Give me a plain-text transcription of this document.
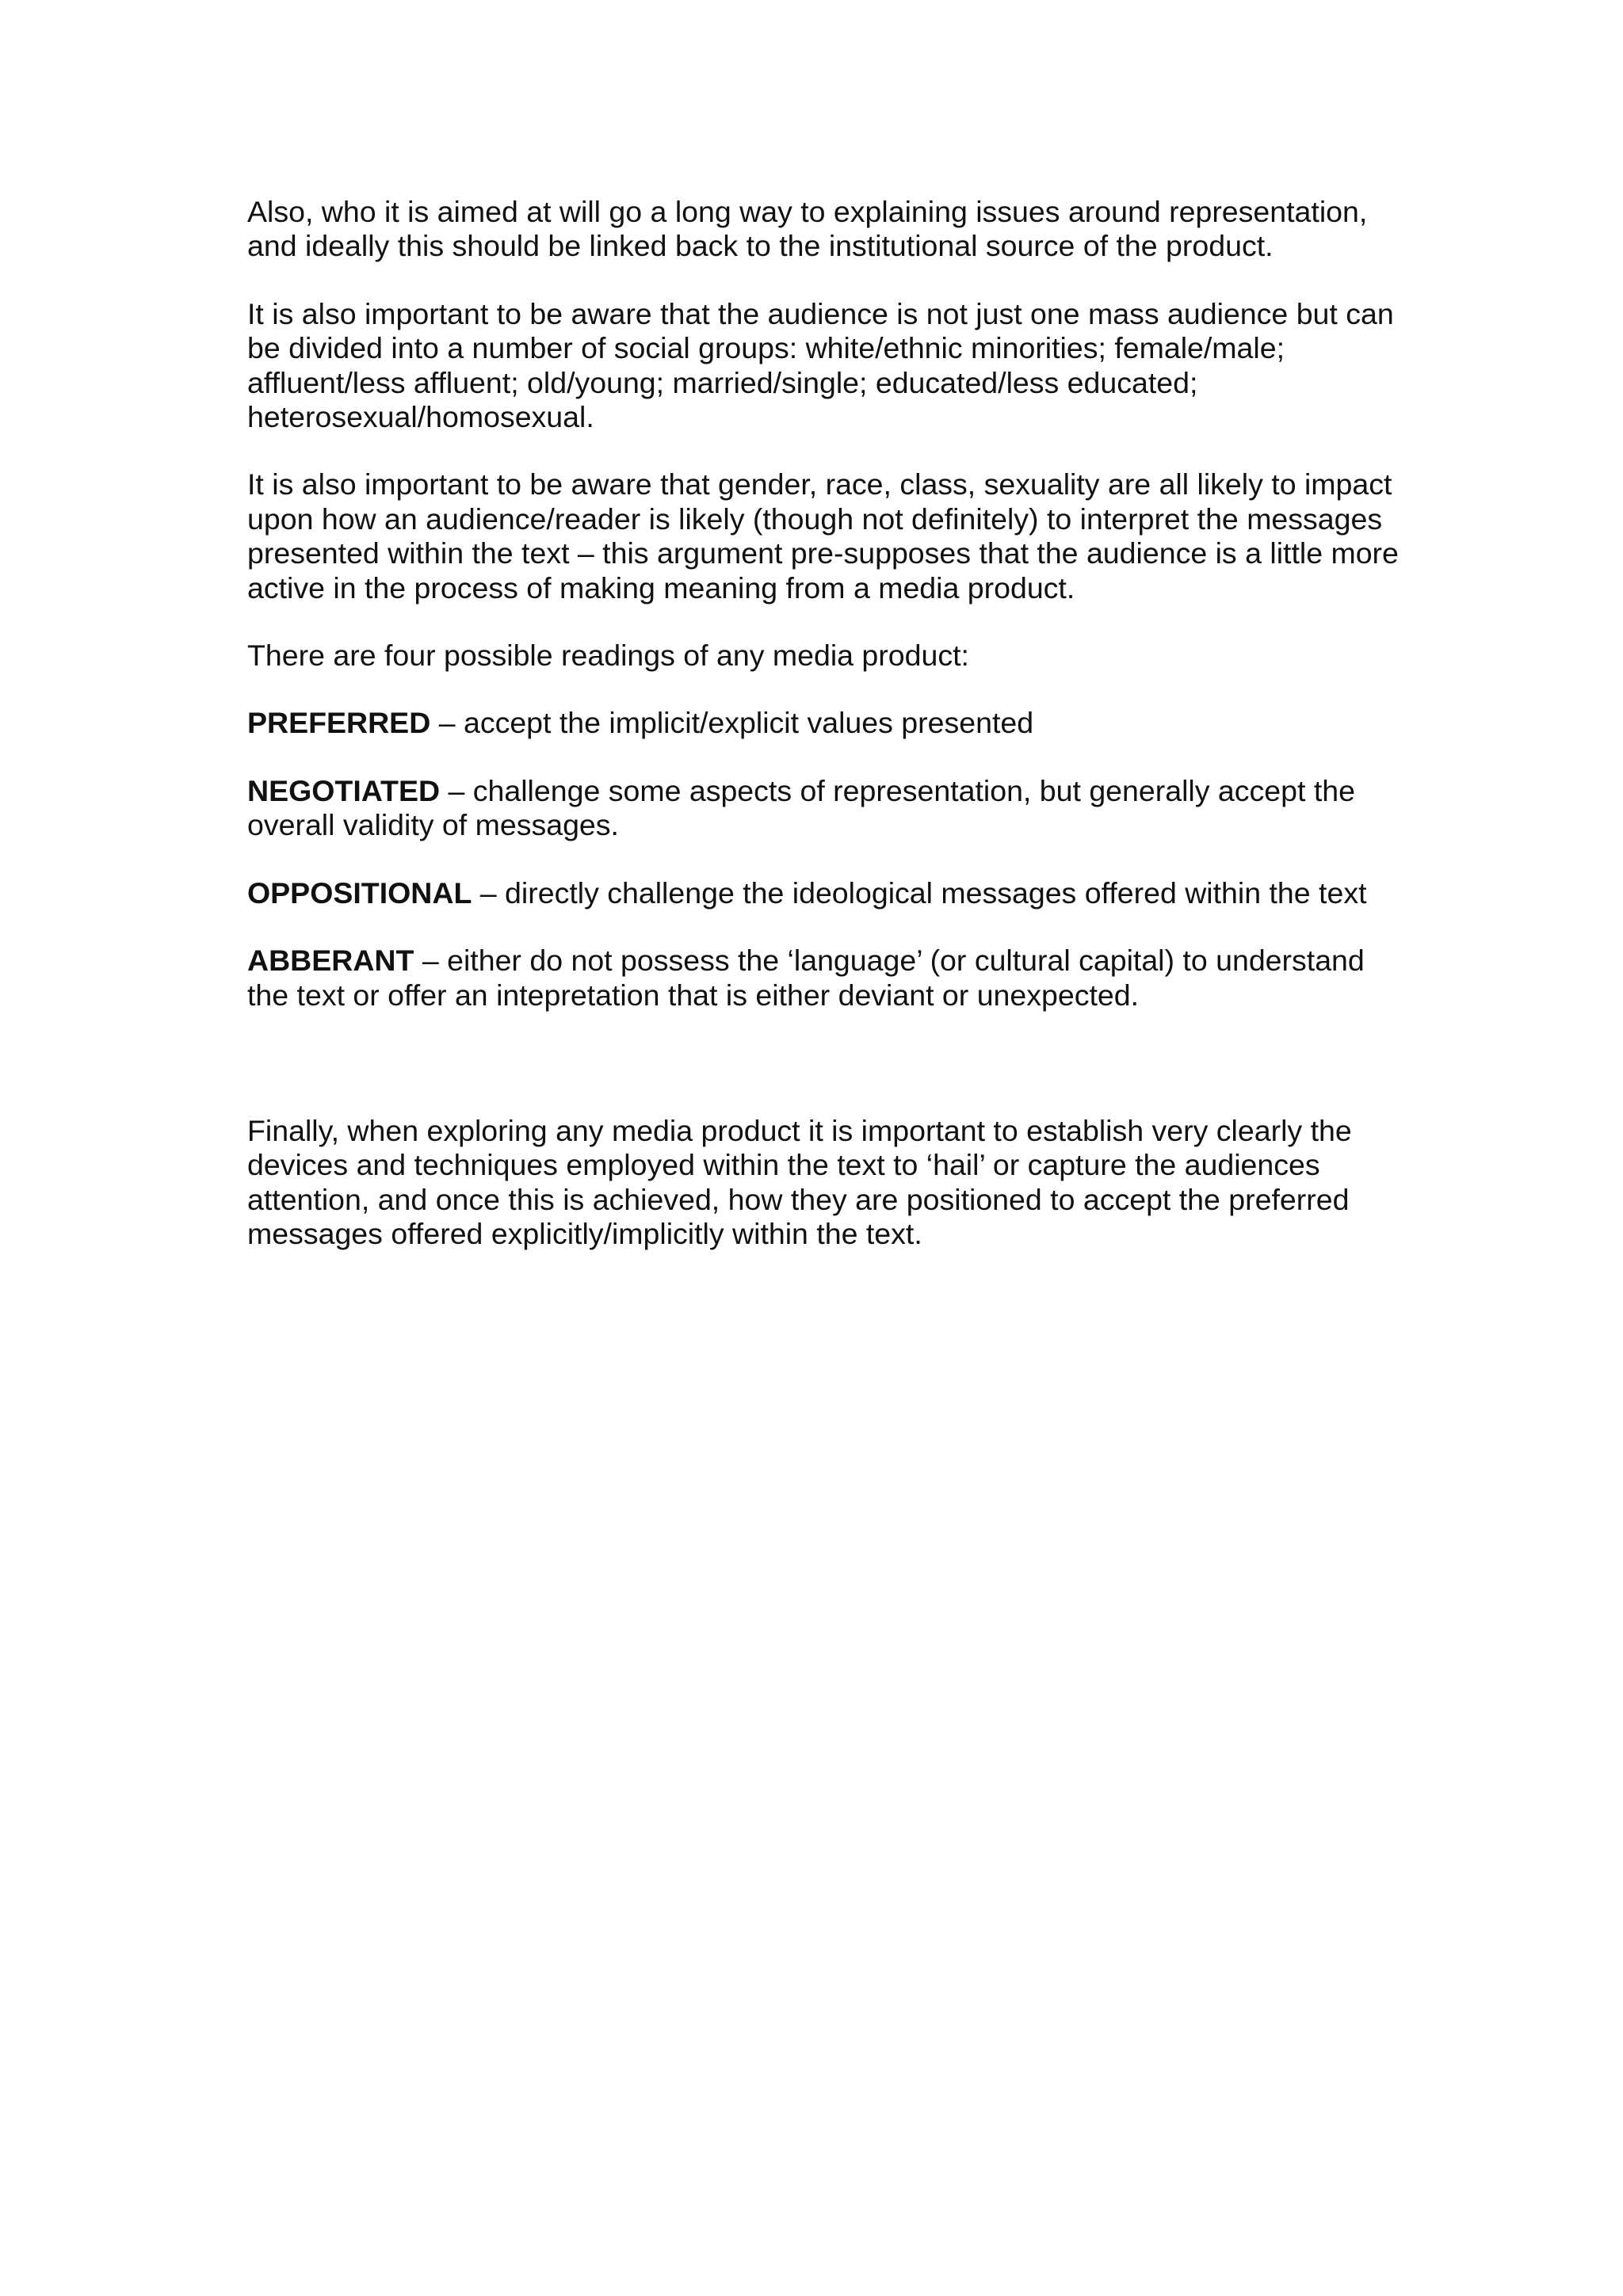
Also, who it is aimed at will go a long way to explaining issues around representation, and ideally this should be linked back to the institutional source of the product.

It is also important to be aware that the audience is not just one mass audience but can be divided into a number of social groups: white/ethnic minorities; female/male; affluent/less affluent; old/young; married/single; educated/less educated; heterosexual/homosexual.

It is also important to be aware that gender, race, class, sexuality are all likely to impact upon how an audience/reader is likely (though not definitely) to interpret the messages presented within the text – this argument pre-supposes that the audience is a little more active in the process of making meaning from a media product.

There are four possible readings of any media product:

PREFERRED – accept the implicit/explicit values presented

NEGOTIATED – challenge some aspects of representation, but generally accept the overall validity of messages.

OPPOSITIONAL – directly challenge the ideological messages offered within the text

ABBERANT – either do not possess the ‘language’ (or cultural capital) to understand the text or offer an intepretation that is either deviant or unexpected.

Finally, when exploring any media product it is important to establish very clearly the devices and techniques employed within the text to ‘hail’ or capture the audiences attention, and once this is achieved, how they are positioned to accept the preferred messages offered explicitly/implicitly within the text.
